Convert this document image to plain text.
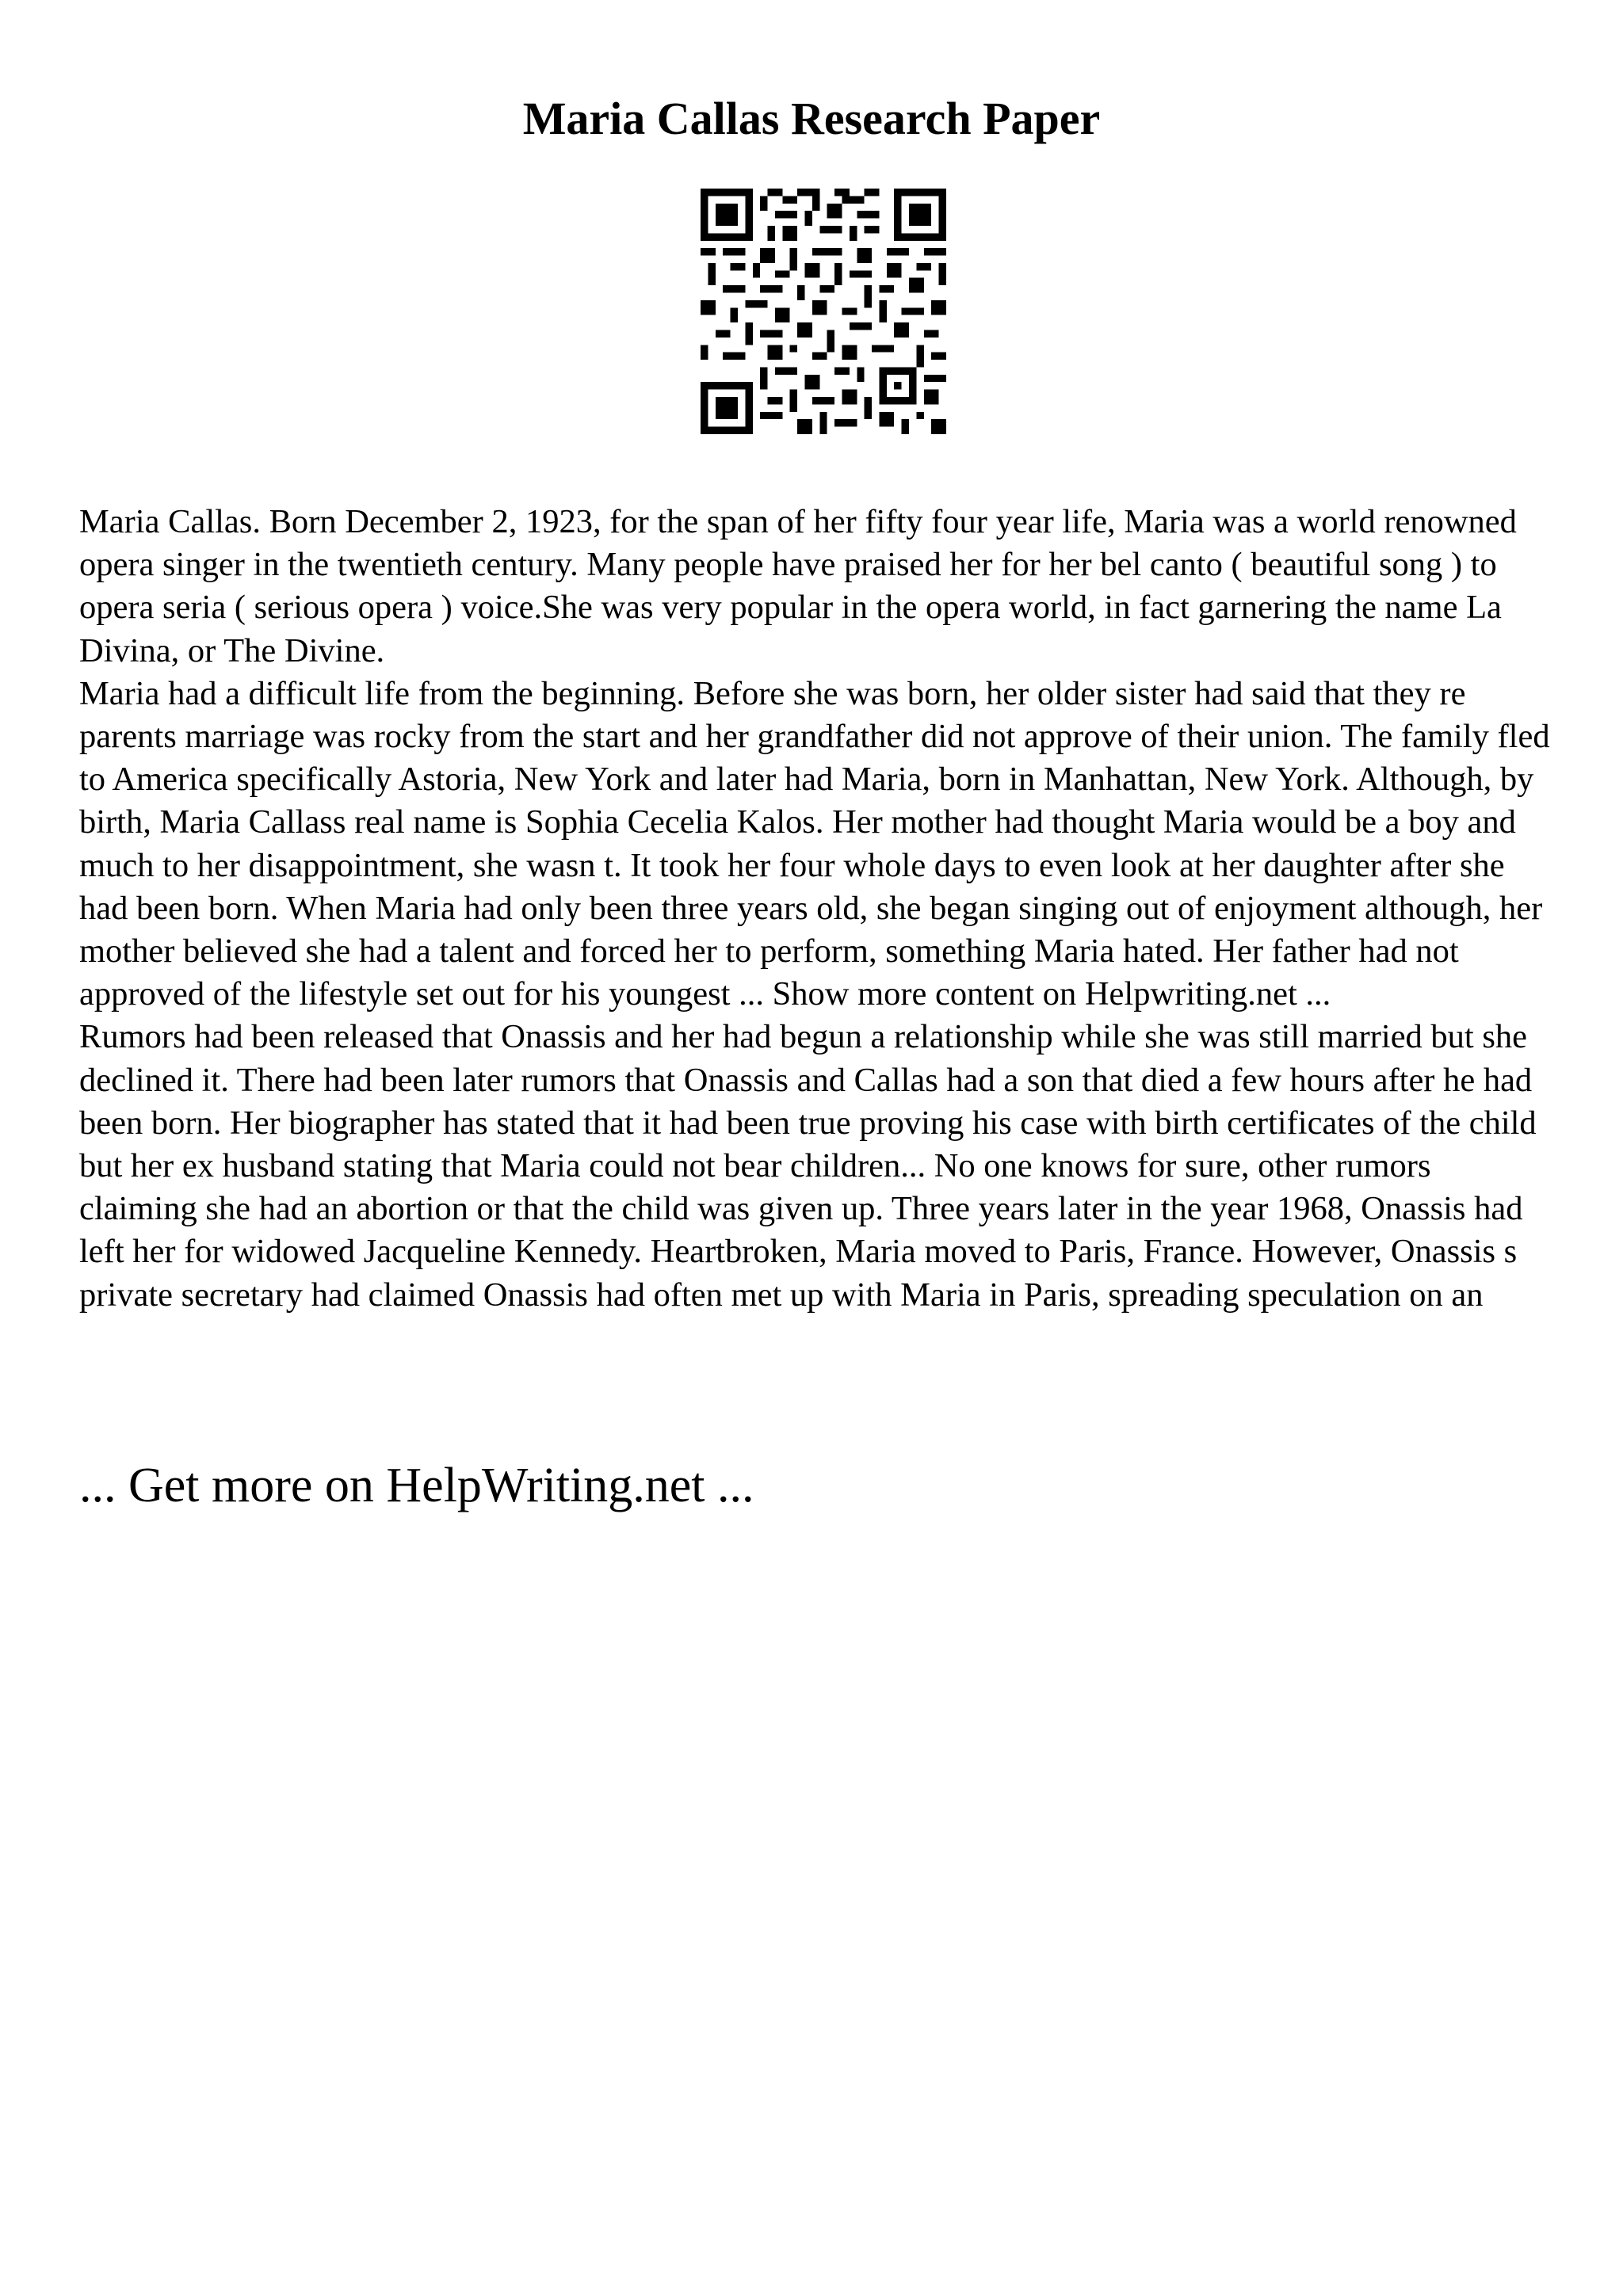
Maria Callas Research Paper

Maria Callas. Born December 2, 1923, for the span of her fifty four year life, Maria was a world renowned opera singer in the twentieth century. Many people have praised her for her bel canto ( beautiful song ) to opera seria ( serious opera ) voice.She was very popular in the opera world, in fact garnering the name La Divina, or The Divine.

Maria had a difficult life from the beginning. Before she was born, her older sister had said that they re parents marriage was rocky from the start and her grandfather did not approve of their union. The family fled to America specifically Astoria, New York and later had Maria, born in Manhattan, New York. Although, by birth, Maria Callass real name is Sophia Cecelia Kalos. Her mother had thought Maria would be a boy and much to her disappointment, she wasn t. It took her four whole days to even look at her daughter after she had been born. When Maria had only been three years old, she began singing out of enjoyment although, her mother believed she had a talent and forced her to perform, something Maria hated. Her father had not approved of the lifestyle set out for his youngest ... Show more content on Helpwriting.net ...

Rumors had been released that Onassis and her had begun a relationship while she was still married but she declined it. There had been later rumors that Onassis and Callas had a son that died a few hours after he had been born. Her biographer has stated that it had been true proving his case with birth certificates of the child but her ex husband stating that Maria could not bear children... No one knows for sure, other rumors claiming she had an abortion or that the child was given up. Three years later in the year 1968, Onassis had left her for widowed Jacqueline Kennedy. Heartbroken, Maria moved to Paris, France. However, Onassis s private secretary had claimed Onassis had often met up with Maria in Paris, spreading speculation on an

... Get more on HelpWriting.net ...
